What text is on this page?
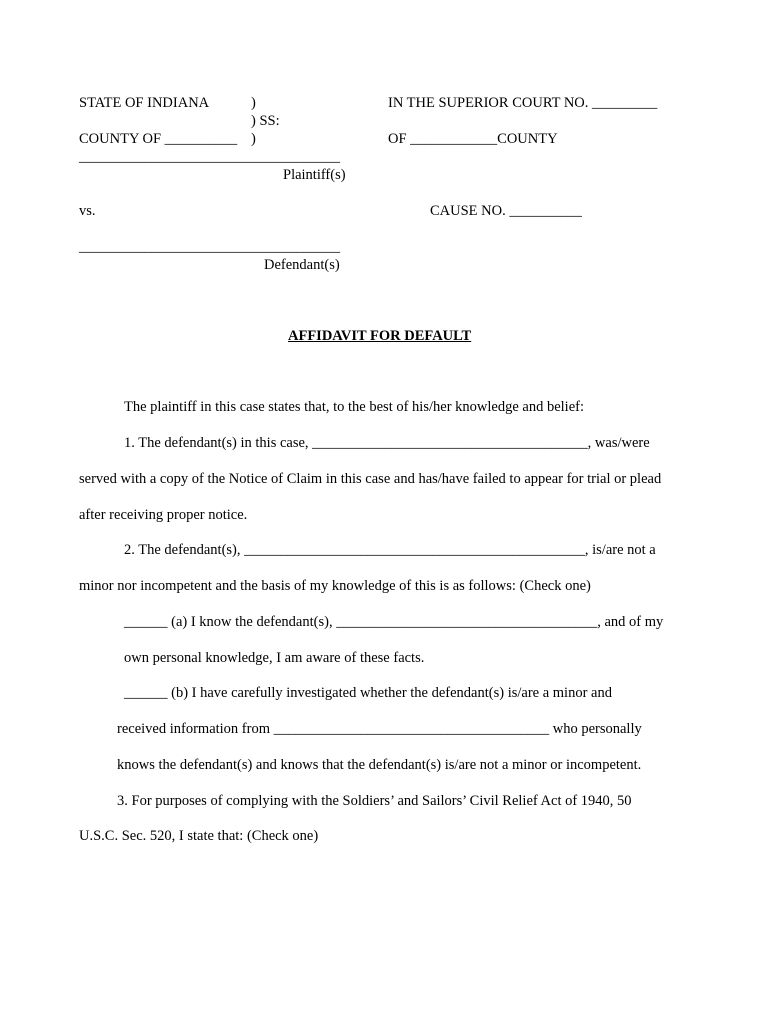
STATE OF INDIANA	)
) SS:
COUNTY OF __________ )
IN THE SUPERIOR COURT NO. _________
OF ____________COUNTY
____________________________________
Plaintiff(s)
vs.	CAUSE NO. __________
____________________________________
Defendant(s)
AFFIDAVIT FOR DEFAULT
The plaintiff in this case states that, to the best of his/her knowledge and belief:
1. The defendant(s) in this case, ______________________________________, was/were
served with a copy of the Notice of Claim in this case and has/have failed to appear for trial or plead
after receiving proper notice.
2. The defendant(s), _______________________________________________, is/are not a
minor nor incompetent and the basis of my knowledge of this is as follows: (Check one)
______ (a) I know the defendant(s), ____________________________________, and of my
own personal knowledge, I am aware of these facts.
______ (b) I have carefully investigated whether the defendant(s) is/are a minor and
received information from ______________________________________ who personally
knows the defendant(s) and knows that the defendant(s) is/are not a minor or incompetent.
3. For purposes of complying with the Soldiers’ and Sailors’ Civil Relief Act of 1940, 50
U.S.C. Sec. 520, I state that: (Check one)
